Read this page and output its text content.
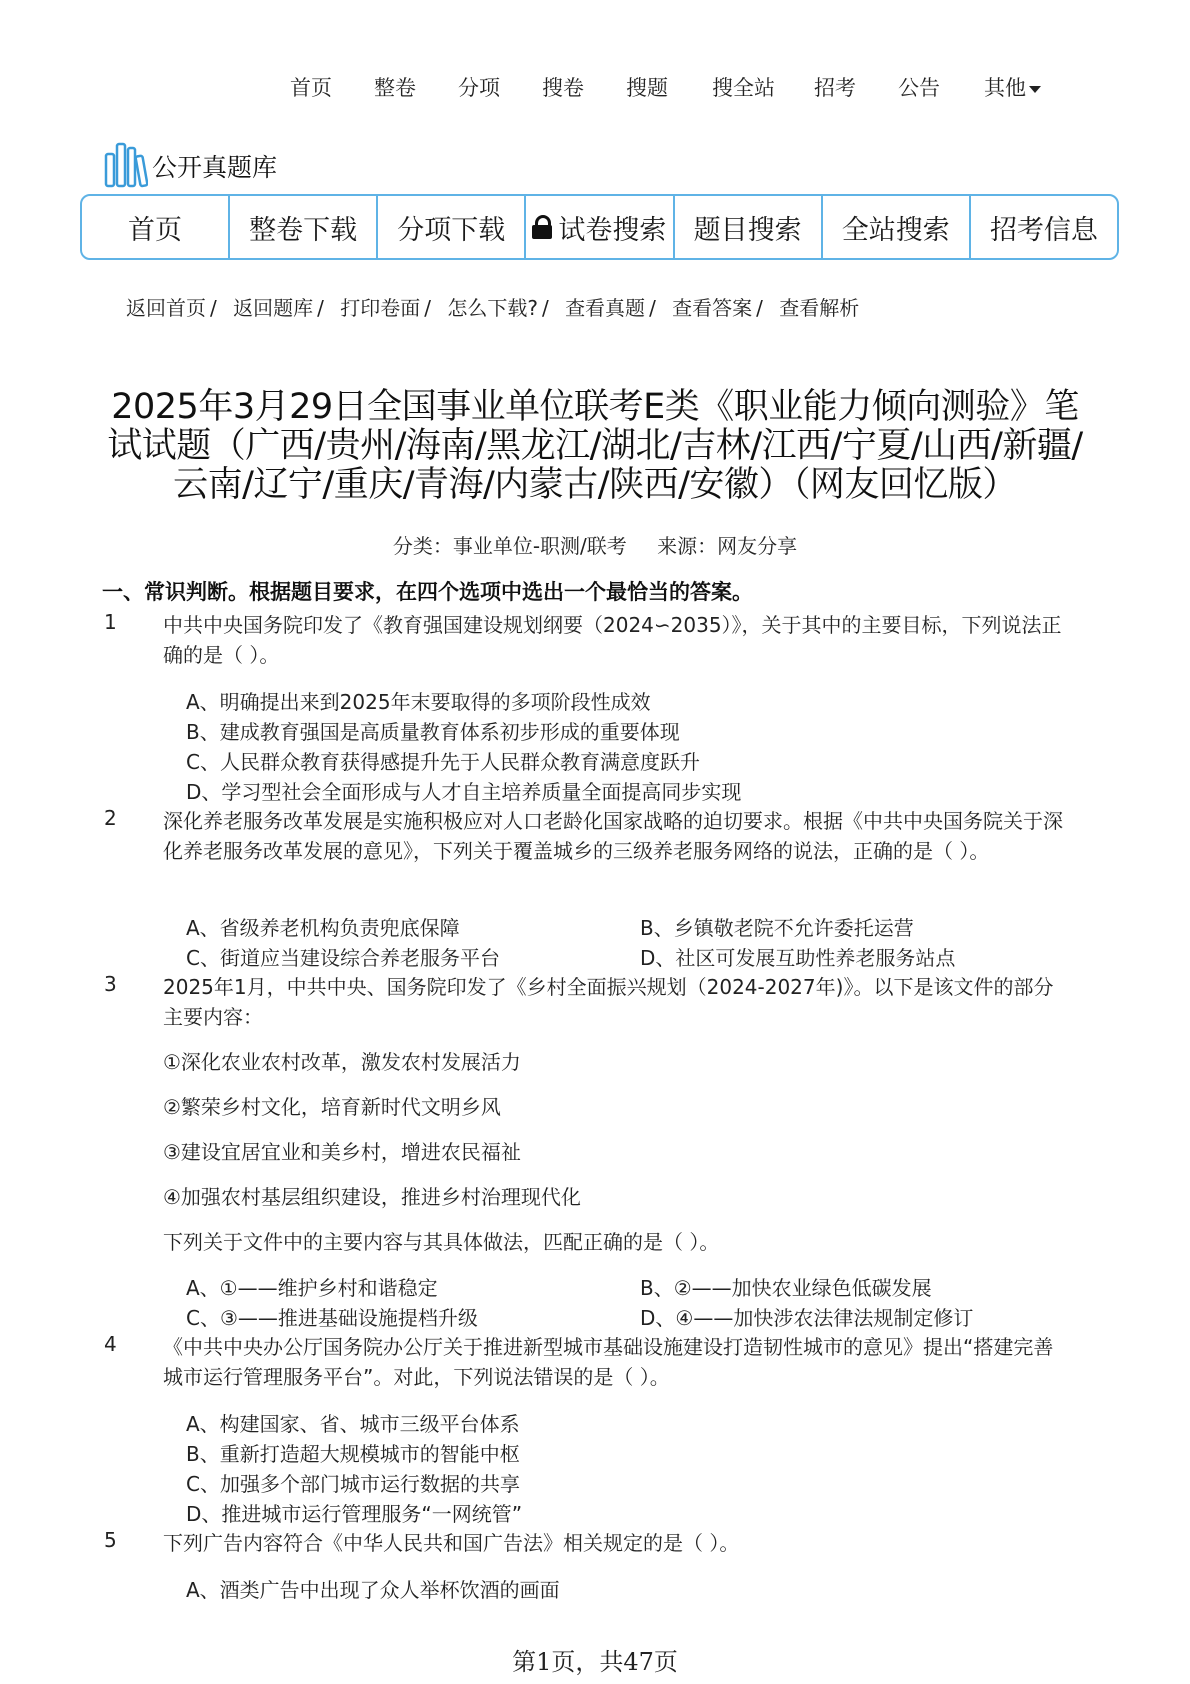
首页 整卷 分项 搜卷 搜题 搜全站 招考 公告 其他
公开真题库
首页	整卷下载	分项下载	试卷搜索	题目搜索	全站搜索	招考信息
返回首页 / 返回题库 / 打印卷面 / 怎么下载? / 查看真题 / 查看答案 / 查看解析
2025年3月29日全国事业单位联考E类《职业能力倾向测验》笔试试题（广西/贵州/海南/黑龙江/湖北/吉林/江西/宁夏/山西/新疆/云南/辽宁/重庆/青海/内蒙古/陕西/安徽）（网友回忆版）
分类：事业单位-职测/联考 来源：网友分享
一、常识判断。根据题目要求，在四个选项中选出一个最恰当的答案。
1 中共中央国务院印发了《教育强国建设规划纲要（2024∽2035）》，关于其中的主要目标，下列说法正确的是（ ）。
A、明确提出来到2025年末要取得的多项阶段性成效
B、建成教育强国是高质量教育体系初步形成的重要体现
C、人民群众教育获得感提升先于人民群众教育满意度跃升
D、学习型社会全面形成与人才自主培养质量全面提高同步实现
2 深化养老服务改革发展是实施积极应对人口老龄化国家战略的迫切要求。根据《中共中央国务院关于深化养老服务改革发展的意见》，下列关于覆盖城乡的三级养老服务网络的说法，正确的是（ ）。
A、省级养老机构负责兜底保障	B、乡镇敬老院不允许委托运营
C、街道应当建设综合养老服务平台	D、社区可发展互助性养老服务站点
3 2025年1月，中共中央、国务院印发了《乡村全面振兴规划（2024-2027年)》。以下是该文件的部分主要内容：
①深化农业农村改革，激发农村发展活力
②繁荣乡村文化，培育新时代文明乡风
③建设宜居宜业和美乡村，增进农民福祉
④加强农村基层组织建设，推进乡村治理现代化
下列关于文件中的主要内容与其具体做法，匹配正确的是（ ）。
A、①——维护乡村和谐稳定	B、②——加快农业绿色低碳发展
C、③——推进基础设施提档升级	D、④——加快涉农法律法规制定修订
4 《中共中央办公厅国务院办公厅关于推进新型城市基础设施建设打造韧性城市的意见》提出“搭建完善城市运行管理服务平台”。对此，下列说法错误的是（ ）。
A、构建国家、省、城市三级平台体系
B、重新打造超大规模城市的智能中枢
C、加强多个部门城市运行数据的共享
D、推进城市运行管理服务“一网统管”
5 下列广告内容符合《中华人民共和国广告法》相关规定的是（ ）。
A、酒类广告中出现了众人举杯饮酒的画面
第1页，共47页
